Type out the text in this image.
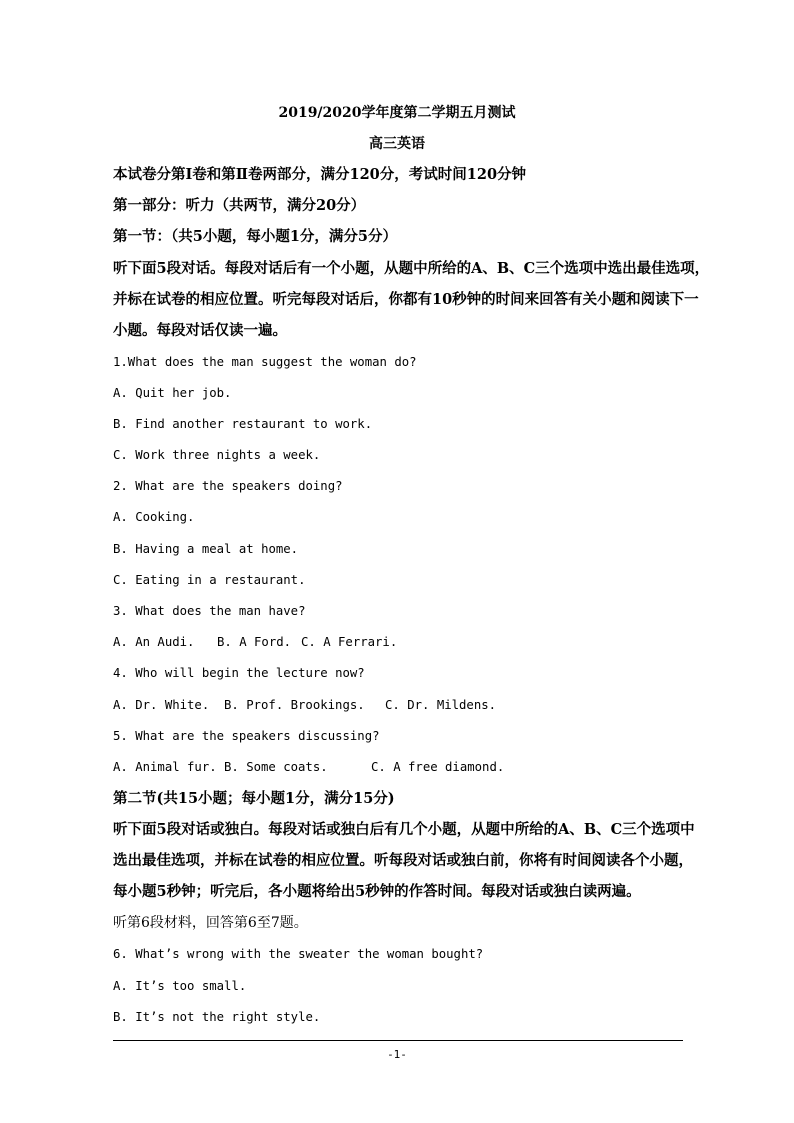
2019/2020学年度第二学期五月测试
高三英语
本试卷分第Ⅰ卷和第Ⅱ卷两部分，满分120分，考试时间120分钟
第一部分：听力（共两节，满分20分）
第一节：（共5小题，每小题1分，满分5分）
听下面5段对话。每段对话后有一个小题，从题中所给的A、B、C三个选项中选出最佳选项，
并标在试卷的相应位置。听完每段对话后，你都有10秒钟的时间来回答有关小题和阅读下一
小题。每段对话仅读一遍。
1.What does the man suggest the woman do?
A. Quit her job.
B. Find another restaurant to work.
C. Work three nights a week.
2. What are the speakers doing?
A. Cooking.
B. Having a meal at home.
C. Eating in a restaurant.
3. What does the man have?
A. An Audi. B. A Ford. C. A Ferrari.
4. Who will begin the lecture now?
A. Dr. White. B. Prof. Brookings. C. Dr. Mildens.
5. What are the speakers discussing?
A. Animal fur. B. Some coats.	C. A free diamond.
第二节(共15小题；每小题1分，满分15分)
听下面5段对话或独白。每段对话或独白后有几个小题，从题中所给的A、B、C三个选项中
选出最佳选项，并标在试卷的相应位置。听每段对话或独白前，你将有时间阅读各个小题，
每小题5秒钟；听完后，各小题将给出5秒钟的作答时间。每段对话或独白读两遍。
听第6段材料，回答第6至7题。
6. What’s wrong with the sweater the woman bought?
A. It’s too small.
B. It’s not the right style.
-1-
